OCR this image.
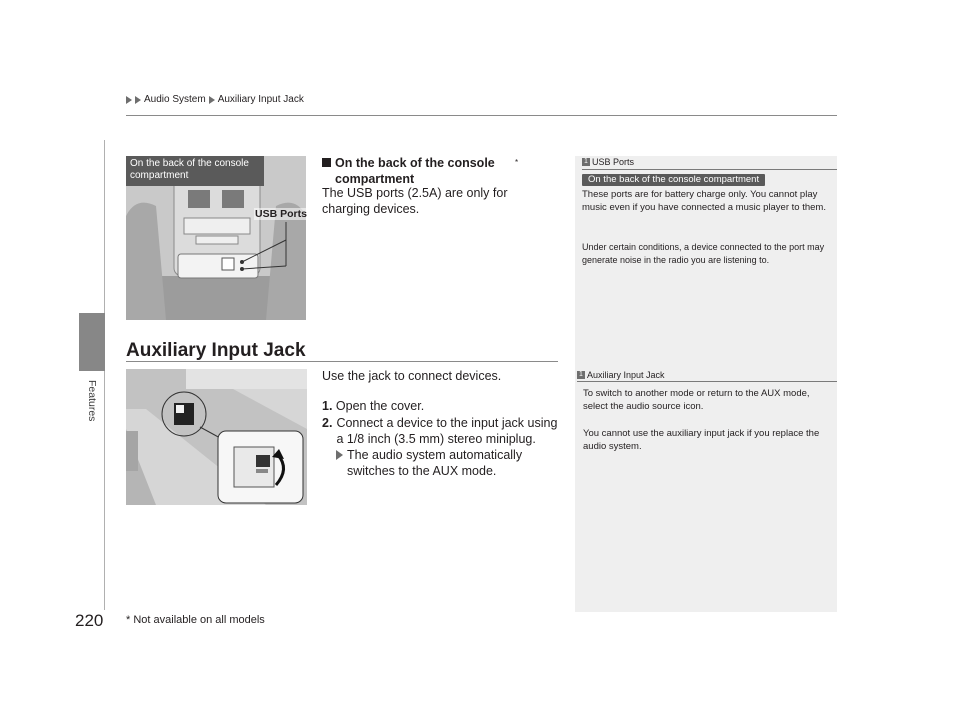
Audio System Auxiliary Input Jack
Features
On the back of the console compartment
USB Ports
On the back of the console compartment*
The USB ports (2.5A) are only for charging devices.
Auxiliary Input Jack
Use the jack to connect devices.
1. Open the cover.
2. Connect a device to the input jack using a 1/8 inch (3.5 mm) stereo miniplug.
The audio system automatically switches to the AUX mode.
1 USB Ports
On the back of the console compartment
These ports are for battery charge only. You cannot play music even if you have connected a music player to them.
Under certain conditions, a device connected to the port may generate noise in the radio you are listening to.
1 Auxiliary Input Jack
To switch to another mode or return to the AUX mode, select the audio source icon.
You cannot use the auxiliary input jack if you replace the audio system.
220 * Not available on all models
